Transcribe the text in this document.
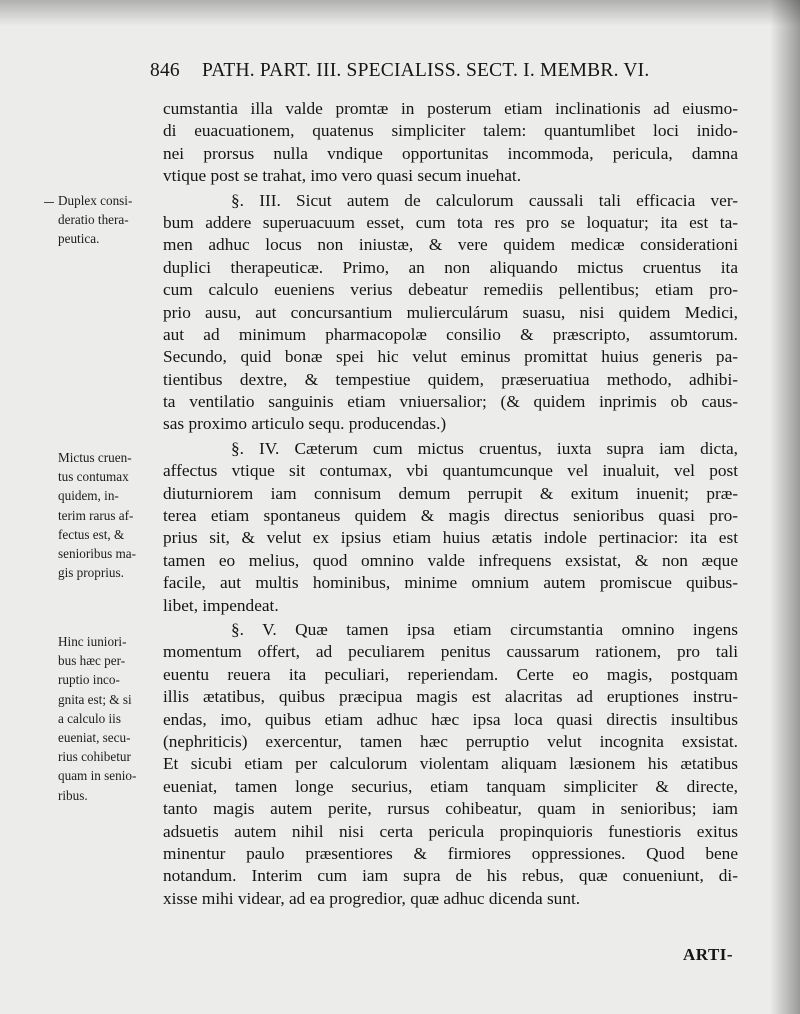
846 PATH. PART. III. SPECIALISS. SECT. I. MEMBR. VI.
Duplex consi-
deratio thera-
peutica.
Mictus cruen-
tus contumax
quidem, in-
terim rarus af-
fectus est, &
senioribus ma-
gis proprius.
Hinc iuniori-
bus hæc per-
ruptio inco-
gnita est; & si
a calculo iis
eueniat, secu-
rius cohibetur
quam in senio-
ribus.
cumstantia illa valde promtæ in posterum etiam inclinationis ad eiusmo-
di euacuationem, quatenus simpliciter talem: quantumlibet loci inido-
nei prorsus nulla vndique opportunitas incommoda, pericula, damna
vtique post se trahat, imo vero quasi secum inuehat.
§. III. Sicut autem de calculorum caussali tali efficacia ver-
bum addere superuacuum esset, cum tota res pro se loquatur; ita est ta-
men adhuc locus non iniustæ, & vere quidem medicæ considerationi
duplici therapeuticæ. Primo, an non aliquando mictus cruentus ita
cum calculo eueniens verius debeatur remediis pellentibus; etiam pro-
prio ausu, aut concursantium mulierculárum suasu, nisi quidem Medici,
aut ad minimum pharmacopolæ consilio & præscripto, assumtorum.
Secundo, quid bonæ spei hic velut eminus promittat huius generis pa-
tientibus dextre, & tempestiue quidem, præseruatiua methodo, adhibi-
ta ventilatio sanguinis etiam vniuersalior; (& quidem inprimis ob caus-
sas proximo articulo sequ. producendas.)
§. IV. Cæterum cum mictus cruentus, iuxta supra iam dicta,
affectus vtique sit contumax, vbi quantumcunque vel inualuit, vel post
diuturniorem iam connisum demum perrupit & exitum inuenit; præ-
terea etiam spontaneus quidem & magis directus senioribus quasi pro-
prius sit, & velut ex ipsius etiam huius ætatis indole pertinacior: ita est
tamen eo melius, quod omnino valde infrequens exsistat, & non æque
facile, aut multis hominibus, minime omnium autem promiscue quibus-
libet, impendeat.
§. V. Quæ tamen ipsa etiam circumstantia omnino ingens
momentum offert, ad peculiarem penitus caussarum rationem, pro tali
euentu reuera ita peculiari, reperiendam. Certe eo magis, postquam
illis ætatibus, quibus præcipua magis est alacritas ad eruptiones instru-
endas, imo, quibus etiam adhuc hæc ipsa loca quasi directis insultibus
(nephriticis) exercentur, tamen hæc perruptio velut incognita exsistat.
Et sicubi etiam per calculorum violentam aliquam læsionem his ætatibus
eueniat, tamen longe securius, etiam tanquam simpliciter & directe,
tanto magis autem perite, rursus cohibeatur, quam in senioribus; iam
adsuetis autem nihil nisi certa pericula propinquioris funestioris exitus
minentur paulo præsentiores & firmiores oppressiones. Quod bene
notandum. Interim cum iam supra de his rebus, quæ conueniunt, di-
xisse mihi videar, ad ea progredior, quæ adhuc dicenda sunt.
ARTI-
